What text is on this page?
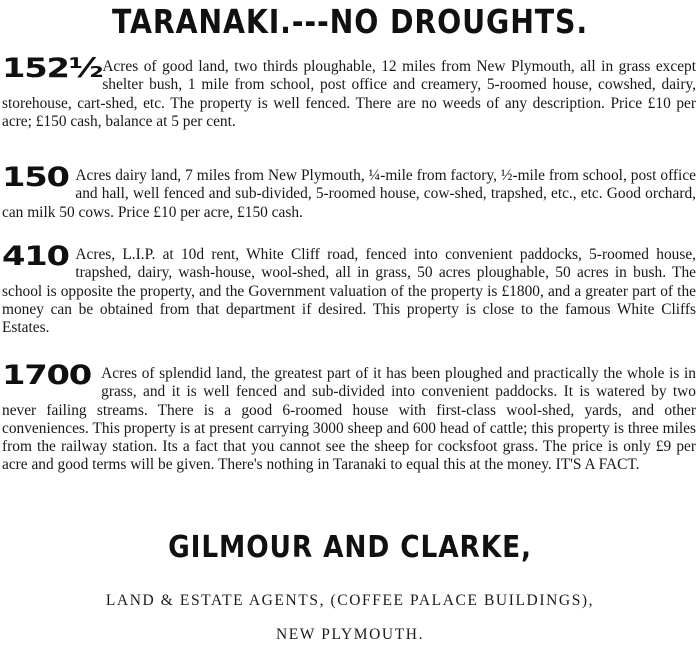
TARANAKI.---NO DROUGHTS.
152½ Acres of good land, two thirds ploughable, 12 miles from New Plymouth, all in grass except shelter bush, 1 mile from school, post office and creamery, 5-roomed house, cowshed, dairy, storehouse, cart-shed, etc. The property is well fenced. There are no weeds of any description. Price £10 per acre; £150 cash, balance at 5 per cent.
150 Acres dairy land, 7 miles from New Plymouth, ¼-mile from factory, ½-mile from school, post office and hall, well fenced and sub-divided, 5-roomed house, cow-shed, trapshed, etc., etc. Good orchard, can milk 50 cows. Price £10 per acre, £150 cash.
410 Acres, L.I.P. at 10d rent, White Cliff road, fenced into convenient paddocks, 5-roomed house, trapshed, dairy, wash-house, wool-shed, all in grass, 50 acres ploughable, 50 acres in bush. The school is opposite the property, and the Government valuation of the property is £1800, and a greater part of the money can be obtained from that department if desired. This property is close to the famous White Cliffs Estates.
1700 Acres of splendid land, the greatest part of it has been ploughed and practically the whole is in grass, and it is well fenced and sub-divided into convenient paddocks. It is watered by two never failing streams. There is a good 6-roomed house with first-class wool-shed, yards, and other conveniences. This property is at present carrying 3000 sheep and 600 head of cattle; this property is three miles from the railway station. Its a fact that you cannot see the sheep for cocksfoot grass. The price is only £9 per acre and good terms will be given. There's nothing in Taranaki to equal this at the money. IT'S A FACT.
GILMOUR AND CLARKE,
LAND & ESTATE AGENTS, (COFFEE PALACE BUILDINGS),
NEW PLYMOUTH.
